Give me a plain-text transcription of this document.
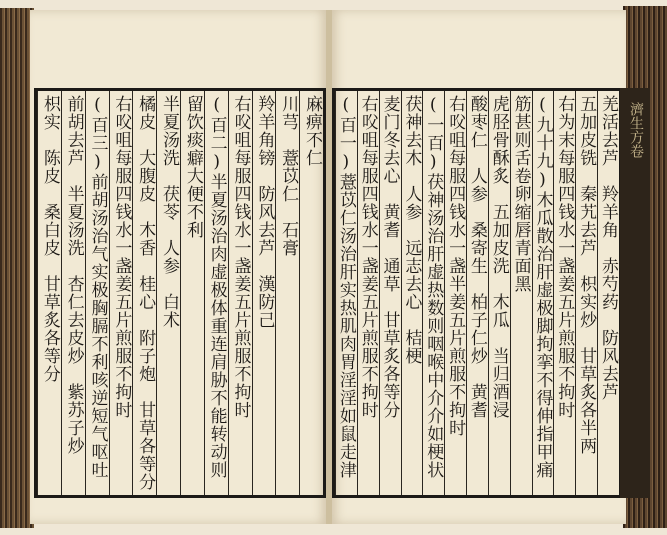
羌活去芦　羚羊角　赤芍药　防风去芦
五加皮铣　秦艽去芦　枳实炒　甘草炙各半两
右为末每服四钱水一盏姜五片煎服不拘时
(九十九)木瓜散治肝虚极脚拘挛不得伸指甲痛
筋甚则舌卷卵缩唇青面黑
虎胫骨酥炙　五加皮洗　木瓜　当归酒浸
酸枣仁　人参　桑寄生　柏子仁炒　黄耆
右㕮咀每服四钱水一盏半姜五片煎服不拘时
(一百)茯神汤治肝虚热数则咽喉中介介如梗状
茯神去木　人参　远志去心　桔梗
麦门冬去心　黄耆　通草　甘草炙各等分
右㕮咀每服四钱水一盏姜五片煎服不拘时
(百一)薏苡仁汤治肝实热肌肉胃淫淫如鼠走津
麻痹不仁
川芎　薏苡仁　石膏
羚羊角镑　防风去芦　漢防己
右㕮咀每服四钱水一盏姜五片煎服不拘时
(百二)半夏汤治肉虚极体重连肩胁不能转动则
留饮痰癖大便不利
半夏汤洗　茯苓　人参　白术
橘皮　大腹皮　木香　桂心　附子炮　甘草各等分
右㕮咀每服四钱水一盏姜五片煎服不拘时
(百三)前胡汤治气实极胸膈不利咳逆短气呕吐
前胡去芦　半夏汤洗　杏仁去皮炒　紫苏子炒
枳实　陈皮　桑白皮　甘草炙各等分	濟生方卷
